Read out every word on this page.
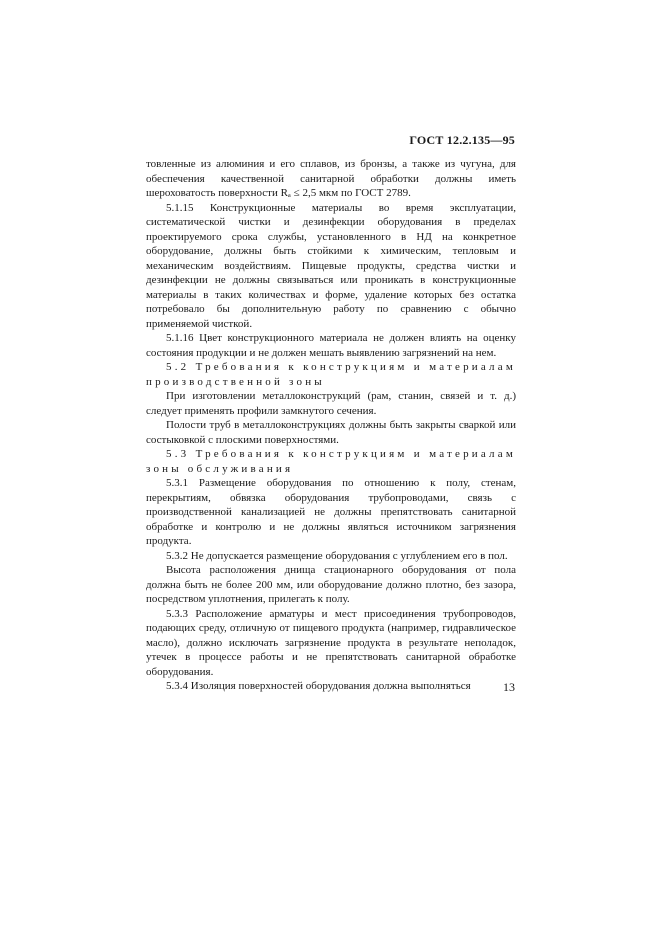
ГОСТ 12.2.135—95

товленные из алюминия и его сплавов, из бронзы, а также из чугуна, для обеспечения качественной санитарной обработки должны иметь шероховатость поверхности Rₐ ≤ 2,5 мкм по ГОСТ 2789.

5.1.15 Конструкционные материалы во время эксплуатации, систематической чистки и дезинфекции оборудования в пределах проектируемого срока службы, установленного в НД на конкретное оборудование, должны быть стойкими к химическим, тепловым и механическим воздействиям. Пищевые продукты, средства чистки и дезинфекции не должны связываться или проникать в конструкционные материалы в таких количествах и форме, удаление которых без остатка потребовало бы дополнительную работу по сравнению с обычно применяемой чисткой.

5.1.16 Цвет конструкционного материала не должен влиять на оценку состояния продукции и не должен мешать выявлению загрязнений на нем.

5.2 Требования к конструкциям и материалам производственной зоны

При изготовлении металлоконструкций (рам, станин, связей и т. д.) следует применять профили замкнутого сечения.

Полости труб в металлоконструкциях должны быть закрыты сваркой или состыковкой с плоскими поверхностями.

5.3 Требования к конструкциям и материалам зоны обслуживания

5.3.1 Размещение оборудования по отношению к полу, стенам, перекрытиям, обвязка оборудования трубопроводами, связь с производственной канализацией не должны препятствовать санитарной обработке и контролю и не должны являться источником загрязнения продукта.

5.3.2 Не допускается размещение оборудования с углублением его в пол.

Высота расположения днища стационарного оборудования от пола должна быть не более 200 мм, или оборудование должно плотно, без зазора, посредством уплотнения, прилегать к полу.

5.3.3 Расположение арматуры и мест присоединения трубопроводов, подающих среду, отличную от пищевого продукта (например, гидравлическое масло), должно исключать загрязнение продукта в результате неполадок, утечек в процессе работы и не препятствовать санитарной обработке оборудования.

5.3.4 Изоляция поверхностей оборудования должна выполняться	13
